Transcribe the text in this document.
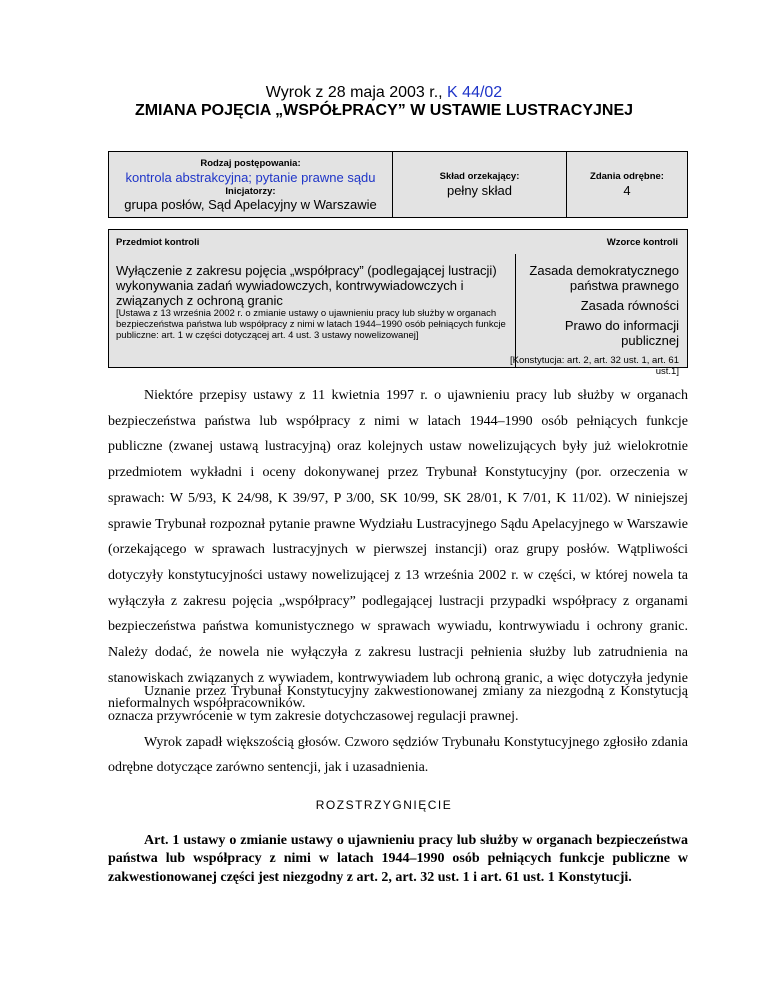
Wyrok z 28 maja 2003 r., K 44/02
ZMIANA POJĘCIA „WSPÓŁPRACY” W USTAWIE LUSTRACYJNEJ
Rodzaj postępowania:
kontrola abstrakcyjna; pytanie prawne sądu
Inicjatorzy:
grupa posłów, Sąd Apelacyjny w Warszawie
Skład orzekający:
pełny skład
Zdania odrębne:
4
Przedmiot kontroli	Wzorce kontroli
Wyłączenie z zakresu pojęcia „współpracy” (podlegającej lustracji) wykonywania zadań wywiadowczych, kontrwywiadowczych i związanych z ochroną granic
[Ustawa z 13 września 2002 r. o zmianie ustawy o ujawnieniu pracy lub służby w organach bezpieczeństwa państwa lub współpracy z nimi w latach 1944–1990 osób pełniących funkcje publiczne: art. 1 w części dotyczącej art. 4 ust. 3 ustawy nowelizowanej]
Zasada demokratycznego państwa prawnego
Zasada równości
Prawo do informacji publicznej
[Konstytucja: art. 2, art. 32 ust. 1, art. 61 ust.1]
Niektóre przepisy ustawy z 11 kwietnia 1997 r. o ujawnieniu pracy lub służby w organach bezpieczeństwa państwa lub współpracy z nimi w latach 1944–1990 osób pełniących funkcje publiczne (zwanej ustawą lustracyjną) oraz kolejnych ustaw nowelizujących były już wielokrotnie przedmiotem wykładni i oceny dokonywanej przez Trybunał Konstytucyjny (por. orzeczenia w sprawach: W 5/93, K 24/98, K 39/97, P 3/00, SK 10/99, SK 28/01, K 7/01, K 11/02). W niniejszej sprawie Trybunał rozpoznał pytanie prawne Wydziału Lustracyjnego Sądu Apelacyjnego w Warszawie (orzekającego w sprawach lustracyjnych w pierwszej instancji) oraz grupy posłów. Wątpliwości dotyczyły konstytucyjności ustawy nowelizującej z 13 września 2002 r. w części, w której nowela ta wyłączyła z zakresu pojęcia „współpracy” podlegającej lustracji przypadki współpracy z organami bezpieczeństwa państwa komunistycznego w sprawach wywiadu, kontrwywiadu i ochrony granic. Należy dodać, że nowela nie wyłączyła z zakresu lustracji pełnienia służby lub zatrudnienia na stanowiskach związanych z wywiadem, kontrwywiadem lub ochroną granic, a więc dotyczyła jedynie nieformalnych współpracowników.
Uznanie przez Trybunał Konstytucyjny zakwestionowanej zmiany za niezgodną z Konstytucją oznacza przywrócenie w tym zakresie dotychczasowej regulacji prawnej.
Wyrok zapadł większością głosów. Czworo sędziów Trybunału Konstytucyjnego zgłosiło zdania odrębne dotyczące zarówno sentencji, jak i uzasadnienia.
ROZSTRZYGNIĘCIE
Art. 1 ustawy o zmianie ustawy o ujawnieniu pracy lub służby w organach bezpieczeństwa państwa lub współpracy z nimi w latach 1944–1990 osób pełniących funkcje publiczne w zakwestionowanej części jest niezgodny z art. 2, art. 32 ust. 1 i art. 61 ust. 1 Konstytucji.
